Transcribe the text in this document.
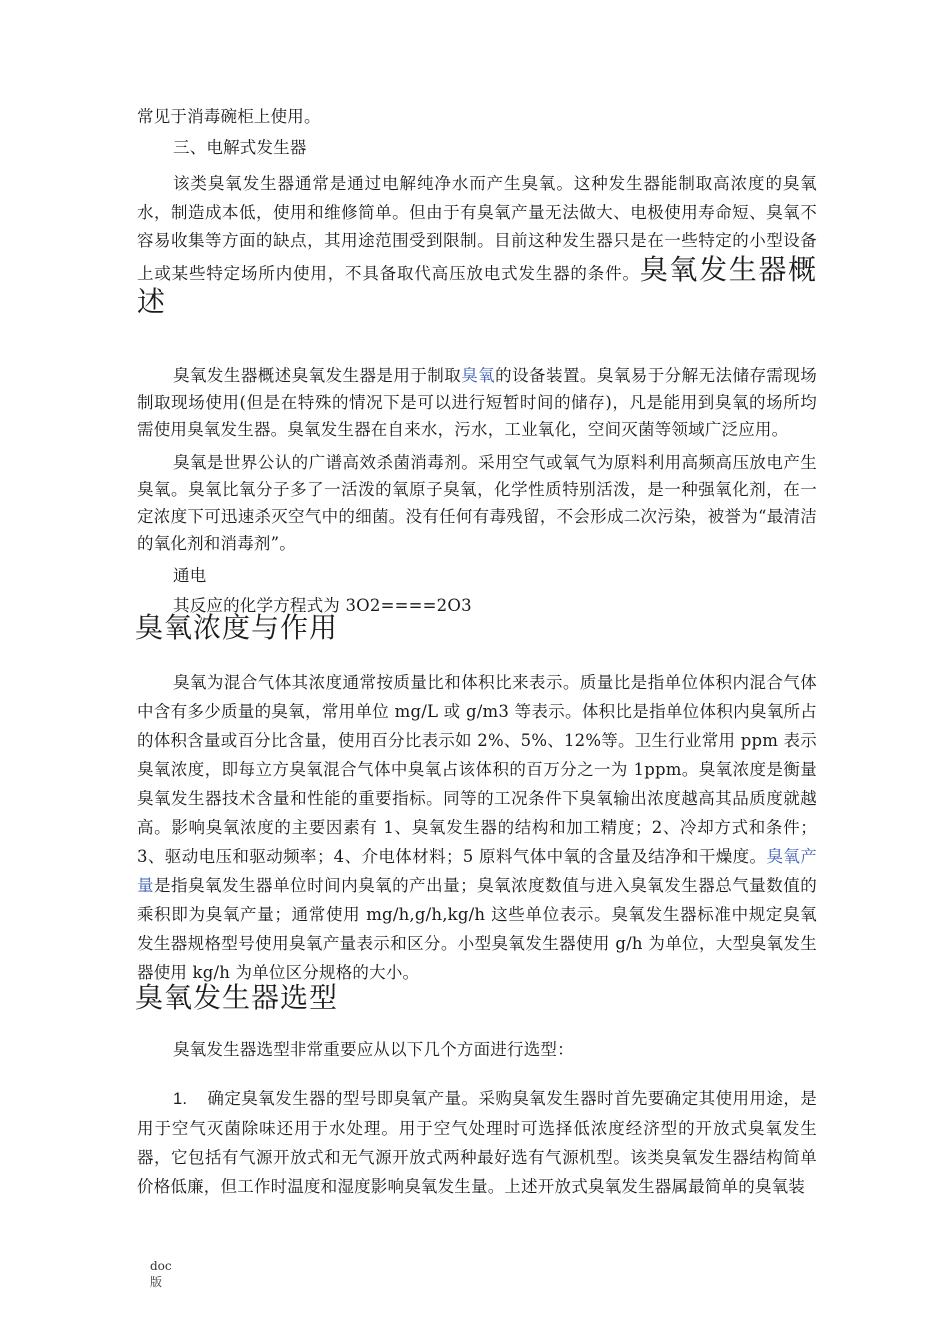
常见于消毒碗柜上使用。

三、电解式发生器

该类臭氧发生器通常是通过电解纯净水而产生臭氧。这种发生器能制取高浓度的臭氧水，制造成本低，使用和维修简单。但由于有臭氧产量无法做大、电极使用寿命短、臭氧不容易收集等方面的缺点，其用途范围受到限制。目前这种发生器只是在一些特定的小型设备上或某些特定场所内使用，不具备取代高压放电式发生器的条件。臭氧发生器概述

臭氧发生器概述臭氧发生器是用于制取臭氧的设备装置。臭氧易于分解无法储存需现场制取现场使用(但是在特殊的情况下是可以进行短暂时间的储存)，凡是能用到臭氧的场所均需使用臭氧发生器。臭氧发生器在自来水，污水，工业氧化，空间灭菌等领域广泛应用。

臭氧是世界公认的广谱高效杀菌消毒剂。采用空气或氧气为原料利用高频高压放电产生臭氧。臭氧比氧分子多了一活泼的氧原子臭氧，化学性质特别活泼，是一种强氧化剂，在一定浓度下可迅速杀灭空气中的细菌。没有任何有毒残留，不会形成二次污染，被誉为“最清洁的氧化剂和消毒剂”。

通电

其反应的化学方程式为 3O2====2O3

臭氧浓度与作用

臭氧为混合气体其浓度通常按质量比和体积比来表示。质量比是指单位体积内混合气体中含有多少质量的臭氧，常用单位 mg/L 或 g/m3 等表示。体积比是指单位体积内臭氧所占的体积含量或百分比含量，使用百分比表示如 2%、5%、12%等。卫生行业常用 ppm 表示臭氧浓度，即每立方臭氧混合气体中臭氧占该体积的百万分之一为 1ppm。臭氧浓度是衡量臭氧发生器技术含量和性能的重要指标。同等的工况条件下臭氧输出浓度越高其品质度就越高。影响臭氧浓度的主要因素有 1、臭氧发生器的结构和加工精度；2、冷却方式和条件；3、驱动电压和驱动频率；4、介电体材料；5 原料气体中氧的含量及结净和干燥度。臭氧产量是指臭氧发生器单位时间内臭氧的产出量；臭氧浓度数值与进入臭氧发生器总气量数值的乘积即为臭氧产量；通常使用 mg/h,g/h,kg/h 这些单位表示。臭氧发生器标准中规定臭氧发生器规格型号使用臭氧产量表示和区分。小型臭氧发生器使用 g/h 为单位，大型臭氧发生器使用 kg/h 为单位区分规格的大小。

臭氧发生器选型

臭氧发生器选型非常重要应从以下几个方面进行选型：

1. 确定臭氧发生器的型号即臭氧产量。采购臭氧发生器时首先要确定其使用用途，是用于空气灭菌除味还用于水处理。用于空气处理时可选择低浓度经济型的开放式臭氧发生器，它包括有气源开放式和无气源开放式两种最好选有气源机型。该类臭氧发生器结构简单价格低廉，但工作时温度和湿度影响臭氧发生量。上述开放式臭氧发生器属最简单的臭氧装

doc
版
